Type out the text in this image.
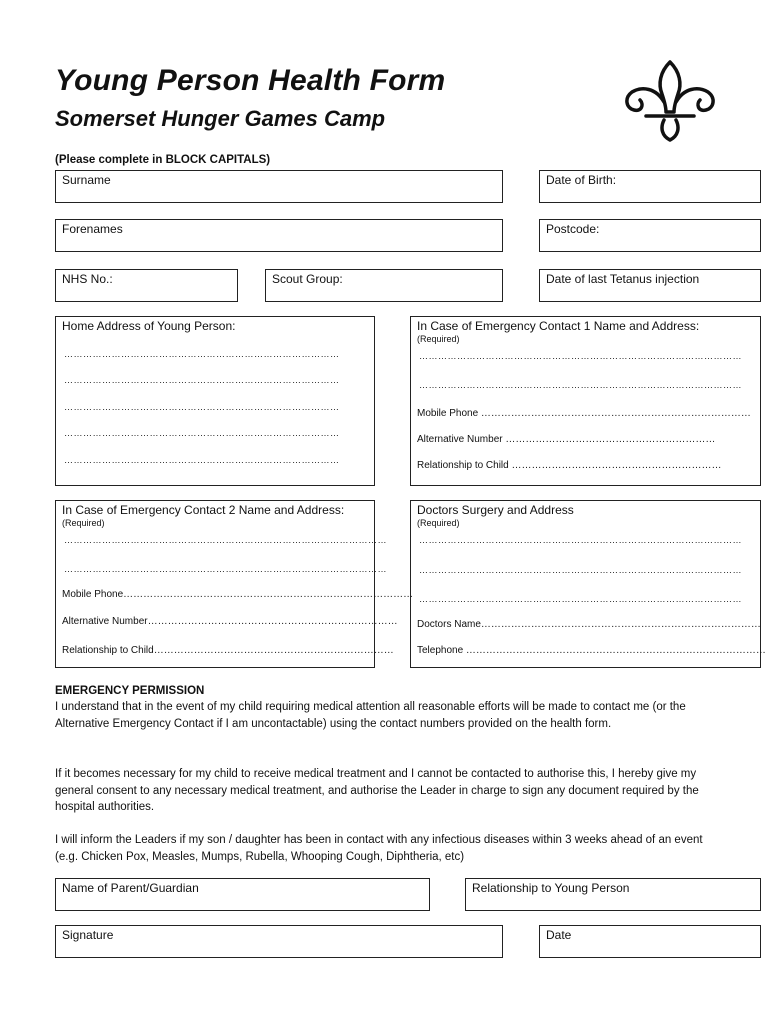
Young Person Health Form
Somerset Hunger Games Camp
(Please complete in BLOCK CAPITALS)
Surname	Date of Birth:
Forenames	Postcode:
NHS No.:	Scout Group:	Date of last Tetanus injection
Home Address of Young Person:
……………………………………………………………………………
……………………………………………………………………………
……………………………………………………………………………
……………………………………………………………………………
……………………………………………………………………………
In Case of Emergency Contact 1 Name and Address:
(Required)
…………………………………………………………………………………………
…………………………………………………………………………………………
Mobile Phone ………………………………………………………………………
Alternative Number ………………………………………………………
Relationship to Child ………………………………………………………
In Case of Emergency Contact 2 Name and Address:
(Required)
…………………………………………………………………………………………
…………………………………………………………………………………………
Mobile Phone……………………………………………………………………………
Alternative Number…………………………………………………………………
Relationship to Child………………………………………………………………
Doctors Surgery and Address
(Required)
…………………………………………………………………………………………
…………………………………………………………………………………………
…………………………………………………………………………………………
Doctors Name…………………………………………………………………………
Telephone ………………………………………………………………………………
EMERGENCY PERMISSION
I understand that in the event of my child requiring medical attention all reasonable efforts will be made to contact me (or the Alternative Emergency Contact if I am uncontactable) using the contact numbers provided on the health form.
If it becomes necessary for my child to receive medical treatment and I cannot be contacted to authorise this, I hereby give my general consent to any necessary medical treatment, and authorise the Leader in charge to sign any document required by the hospital authorities.
I will inform the Leaders if my son / daughter has been in contact with any infectious diseases within 3 weeks ahead of an event (e.g. Chicken Pox, Measles, Mumps, Rubella, Whooping Cough, Diphtheria, etc)
Name of Parent/Guardian	Relationship to Young Person
Signature	Date
